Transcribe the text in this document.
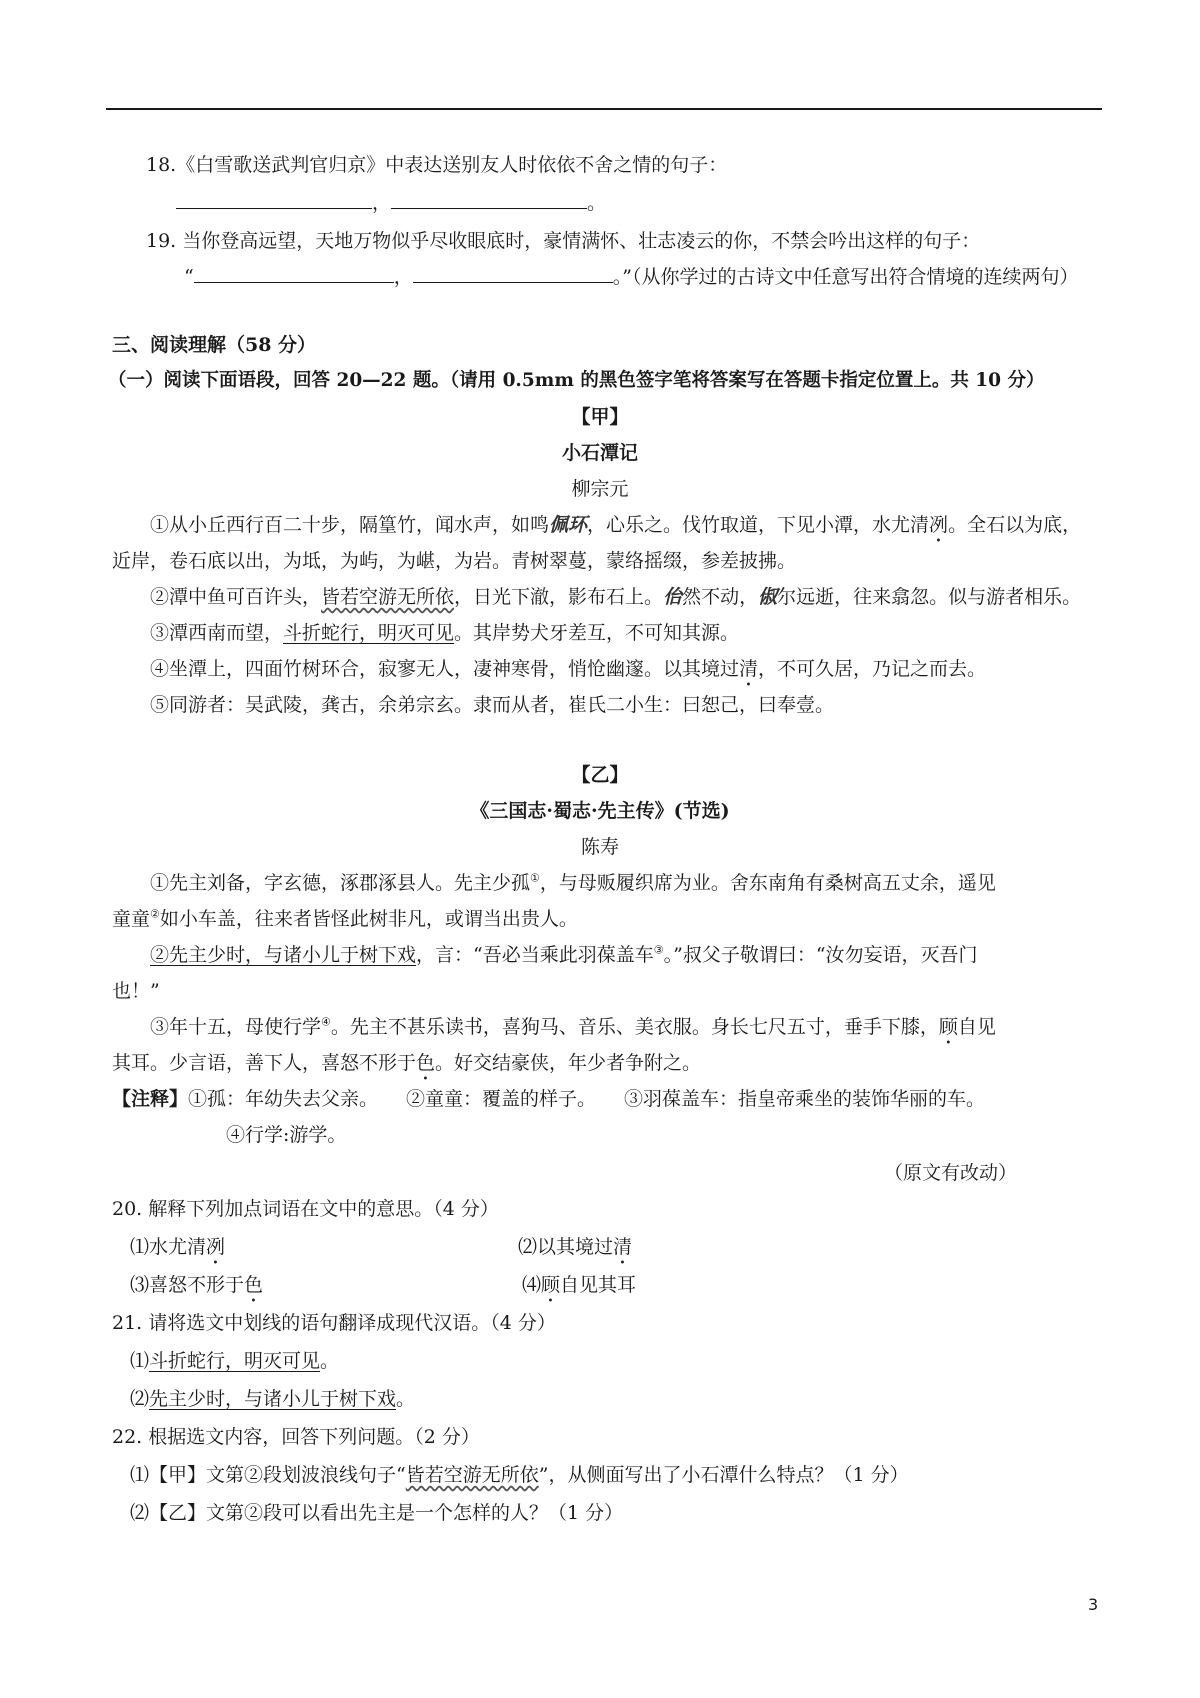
18.《白雪歌送武判官归京》中表达送别友人时依依不舍之情的句子：
，	。
19. 当你登高远望，天地万物似乎尽收眼底时，豪情满怀、壮志凌云的你，不禁会吟出这样的句子：
“	，	。”（从你学过的古诗文中任意写出符合情境的连续两句）
三、阅读理解（58 分）
（一）阅读下面语段，回答 20—22 题。（请用 0.5mm 的黑色签字笔将答案写在答题卡指定位置上。共 10 分）
【甲】
小石潭记
柳宗元
①从小丘西行百二十步，隔篁竹，闻水声，如鸣佩环，心乐之。伐竹取道，下见小潭，水尤清冽。全石以为底，
近岸，卷石底以出，为坻，为屿，为嵁，为岩。青树翠蔓，蒙络摇缀，参差披拂。
②潭中鱼可百许头，皆若空游无所依，日光下澈，影布石上。佁然不动，俶尔远逝，往来翕忽。似与游者相乐。
③潭西南而望，斗折蛇行，明灭可见。其岸势犬牙差互，不可知其源。
④坐潭上，四面竹树环合，寂寥无人，凄神寒骨，悄怆幽邃。以其境过清，不可久居，乃记之而去。
⑤同游者：吴武陵，龚古，余弟宗玄。隶而从者，崔氏二小生：曰恕己，曰奉壹。
【乙】
《三国志·蜀志·先主传》(节选)
陈寿
①先主刘备，字玄德，涿郡涿县人。先主少孤①，与母贩履织席为业。舍东南角有桑树高五丈余，遥见
童童②如小车盖，往来者皆怪此树非凡，或谓当出贵人。
②先主少时，与诸小儿于树下戏，言：“吾必当乘此羽葆盖车③。”叔父子敬谓曰：“汝勿妄语，灭吾门
也！”
③年十五，母使行学④。先主不甚乐读书，喜狗马、音乐、美衣服。身长七尺五寸，垂手下膝，顾自见
其耳。少言语，善下人，喜怒不形于色。好交结豪侠，年少者争附之。
【注释】①孤：年幼失去父亲。 ②童童：覆盖的样子。 ③羽葆盖车：指皇帝乘坐的装饰华丽的车。
④行学:游学。
（原文有改动）
20. 解释下列加点词语在文中的意思。（4 分）
⑴水尤清冽	⑵以其境过清
⑶喜怒不形于色	⑷顾自见其耳
21. 请将选文中划线的语句翻译成现代汉语。（4 分）
⑴斗折蛇行，明灭可见。
⑵先主少时，与诸小儿于树下戏。
22. 根据选文内容，回答下列问题。（2 分）
⑴【甲】文第②段划波浪线句子“皆若空游无所依”，从侧面写出了小石潭什么特点？（1 分）
⑵【乙】文第②段可以看出先主是一个怎样的人？（1 分）
3
